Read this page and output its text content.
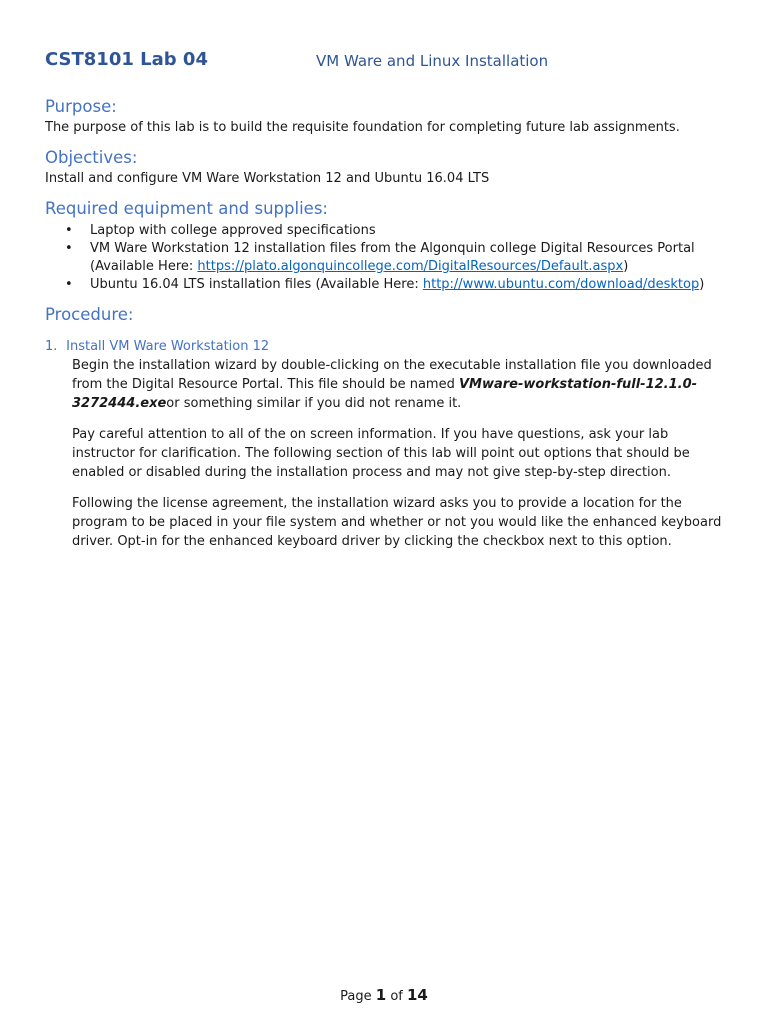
CST8101 Lab 04	VM Ware and Linux Installation
Purpose:

The purpose of this lab is to build the requisite foundation for completing future lab assignments.

Objectives:

Install and configure VM Ware Workstation 12 and Ubuntu 16.04 LTS

Required equipment and supplies:
• Laptop with college approved specifications
• VM Ware Workstation 12 installation files from the Algonquin college Digital Resources Portal (Available Here: https://plato.algonquincollege.com/DigitalResources/Default.aspx)
• Ubuntu 16.04 LTS installation files (Available Here: http://www.ubuntu.com/download/desktop)
Procedure:
1. Install VM Ware Workstation 12

Begin the installation wizard by double-clicking on the executable installation file you downloaded from the Digital Resource Portal. This file should be named VMware-workstation-full-12.1.0-3272444.exeor something similar if you did not rename it.

Pay careful attention to all of the on screen information. If you have questions, ask your lab instructor for clarification. The following section of this lab will point out options that should be enabled or disabled during the installation process and may not give step-by-step direction.

Following the license agreement, the installation wizard asks you to provide a location for the program to be placed in your file system and whether or not you would like the enhanced keyboard driver. Opt-in for the enhanced keyboard driver by clicking the checkbox next to this option.

Page 1 of 14
